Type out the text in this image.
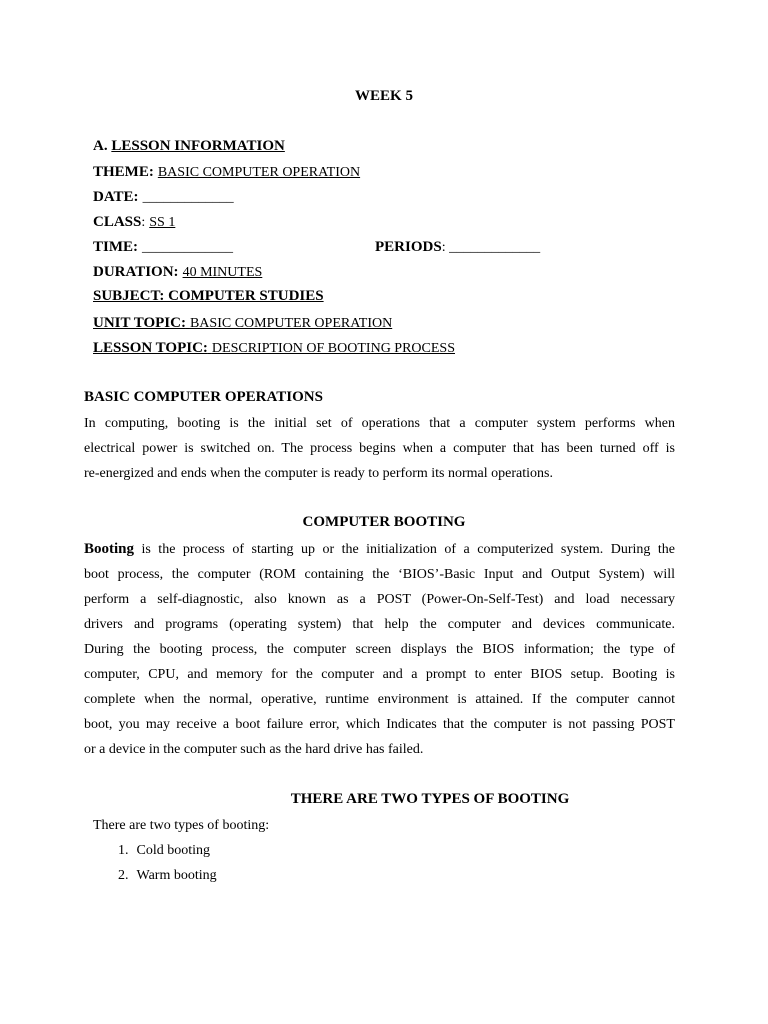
WEEK 5
A. LESSON INFORMATION
THEME: BASIC COMPUTER OPERATION
DATE: _____________
CLASS: SS 1
TIME: _____________	PERIODS: _____________
DURATION: 40 MINUTES
SUBJECT: COMPUTER STUDIES
UNIT TOPIC: BASIC COMPUTER OPERATION
LESSON TOPIC: DESCRIPTION OF BOOTING PROCESS
BASIC COMPUTER OPERATIONS
In computing, booting is the initial set of operations that a computer system performs when
electrical power is switched on. The process begins when a computer that has been turned off is
re-energized and ends when the computer is ready to perform its normal operations.
COMPUTER BOOTING
Booting is the process of starting up or the initialization of a computerized system. During the
boot process, the computer (ROM containing the ‘BIOS’-Basic Input and Output System) will
perform a self-diagnostic, also known as a POST (Power-On-Self-Test) and load necessary
drivers and programs (operating system) that help the computer and devices communicate.
During the booting process, the computer screen displays the BIOS information; the type of
computer, CPU, and memory for the computer and a prompt to enter BIOS setup. Booting is
complete when the normal, operative, runtime environment is attained. If the computer cannot
boot, you may receive a boot failure error, which Indicates that the computer is not passing POST
or a device in the computer such as the hard drive has failed.
THERE ARE TWO TYPES OF BOOTING
There are two types of booting:
1. Cold booting
2. Warm booting
